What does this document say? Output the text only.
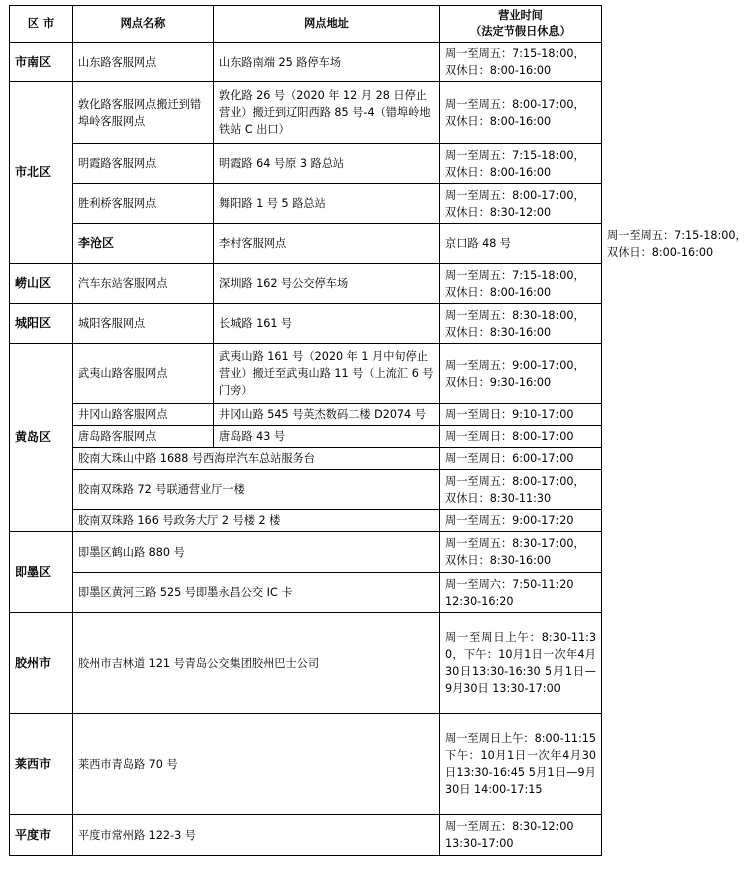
区 市	网点名称	网点地址	营业时间
（法定节假日休息）	

市南区	山东路客服网点	山东路南端 25 路停车场	周一至周五：7:15-18:00，
双休日：8:00-16:00	

市北区	敦化路客服网点搬迁到错埠岭客服网点	敦化路 26 号（2020 年 12 月 28 日停止营业）搬迁到辽阳西路 85 号-4（错埠岭地铁站 C 出口）	周一至周五：8:00-17:00，
双休日：8:00-16:00	

	明霞路客服网点	明霞路 64 号原 3 路总站	周一至周五：7:15-18:00，
双休日：8:00-16:00	

	胜利桥客服网点	舞阳路 1 号 5 路总站	周一至周五：8:00-17:00，
双休日：8:30-12:00	

	李沧区	李村客服网点	京口路 48 号	周一至周五：7:15-18:00，
双休日：8:00-16:00

崂山区	汽车东站客服网点	深圳路 162 号公交停车场	周一至周五：7:15-18:00，
双休日：8:00-16:00	

城阳区	城阳客服网点	长城路 161 号	周一至周五：8:30-18:00，
双休日：8:30-16:00	

黄岛区	武夷山路客服网点	武夷山路 161 号（2020 年 1 月中旬停止营业）搬迁至武夷山路 11 号（上流汇 6 号门旁）	周一至周五：9:00-17:00，
双休日：9:30-16:00	

	井冈山路客服网点	井冈山路 545 号英杰数码二楼 D2074 号	周一至周日：9:10-17:00	

	唐岛路客服网点	唐岛路 43 号	周一至周日：8:00-17:00	

	胶南大珠山中路 1688 号西海岸汽车总站服务台		周一至周日：6:00-17:00	

	胶南双珠路 72 号联通营业厅一楼		周一至周五：8:00-17:00，
双休日：8:30-11:30	

	胶南双珠路 166 号政务大厅 2 号楼 2 楼		周一至周五：9:00-17:20	

即墨区	即墨区鹤山路 880 号		周一至周五：8:30-17:00，
双休日：8:30-16:00	

	即墨区黄河三路 525 号即墨永昌公交 IC 卡		周一至周六：7:50-11:20
12:30-16:20	

胶州市	胶州市吉林道 121 号青岛公交集团胶州巴士公司		周一至周日上午：8:30-11:30，下午：10月1日一次年4月30日13:30-16:30 5月1日—9月30日 13:30-17:00	

莱西市	莱西市青岛路 70 号		周一至周日上午：8:00-11:15 下午：10月1日一次年4月30日13:30-16:45 5月1日—9月30日 14:00-17:15	

平度市	平度市常州路 122-3 号		周一至周五：8:30-12:00
13:30-17:00	
